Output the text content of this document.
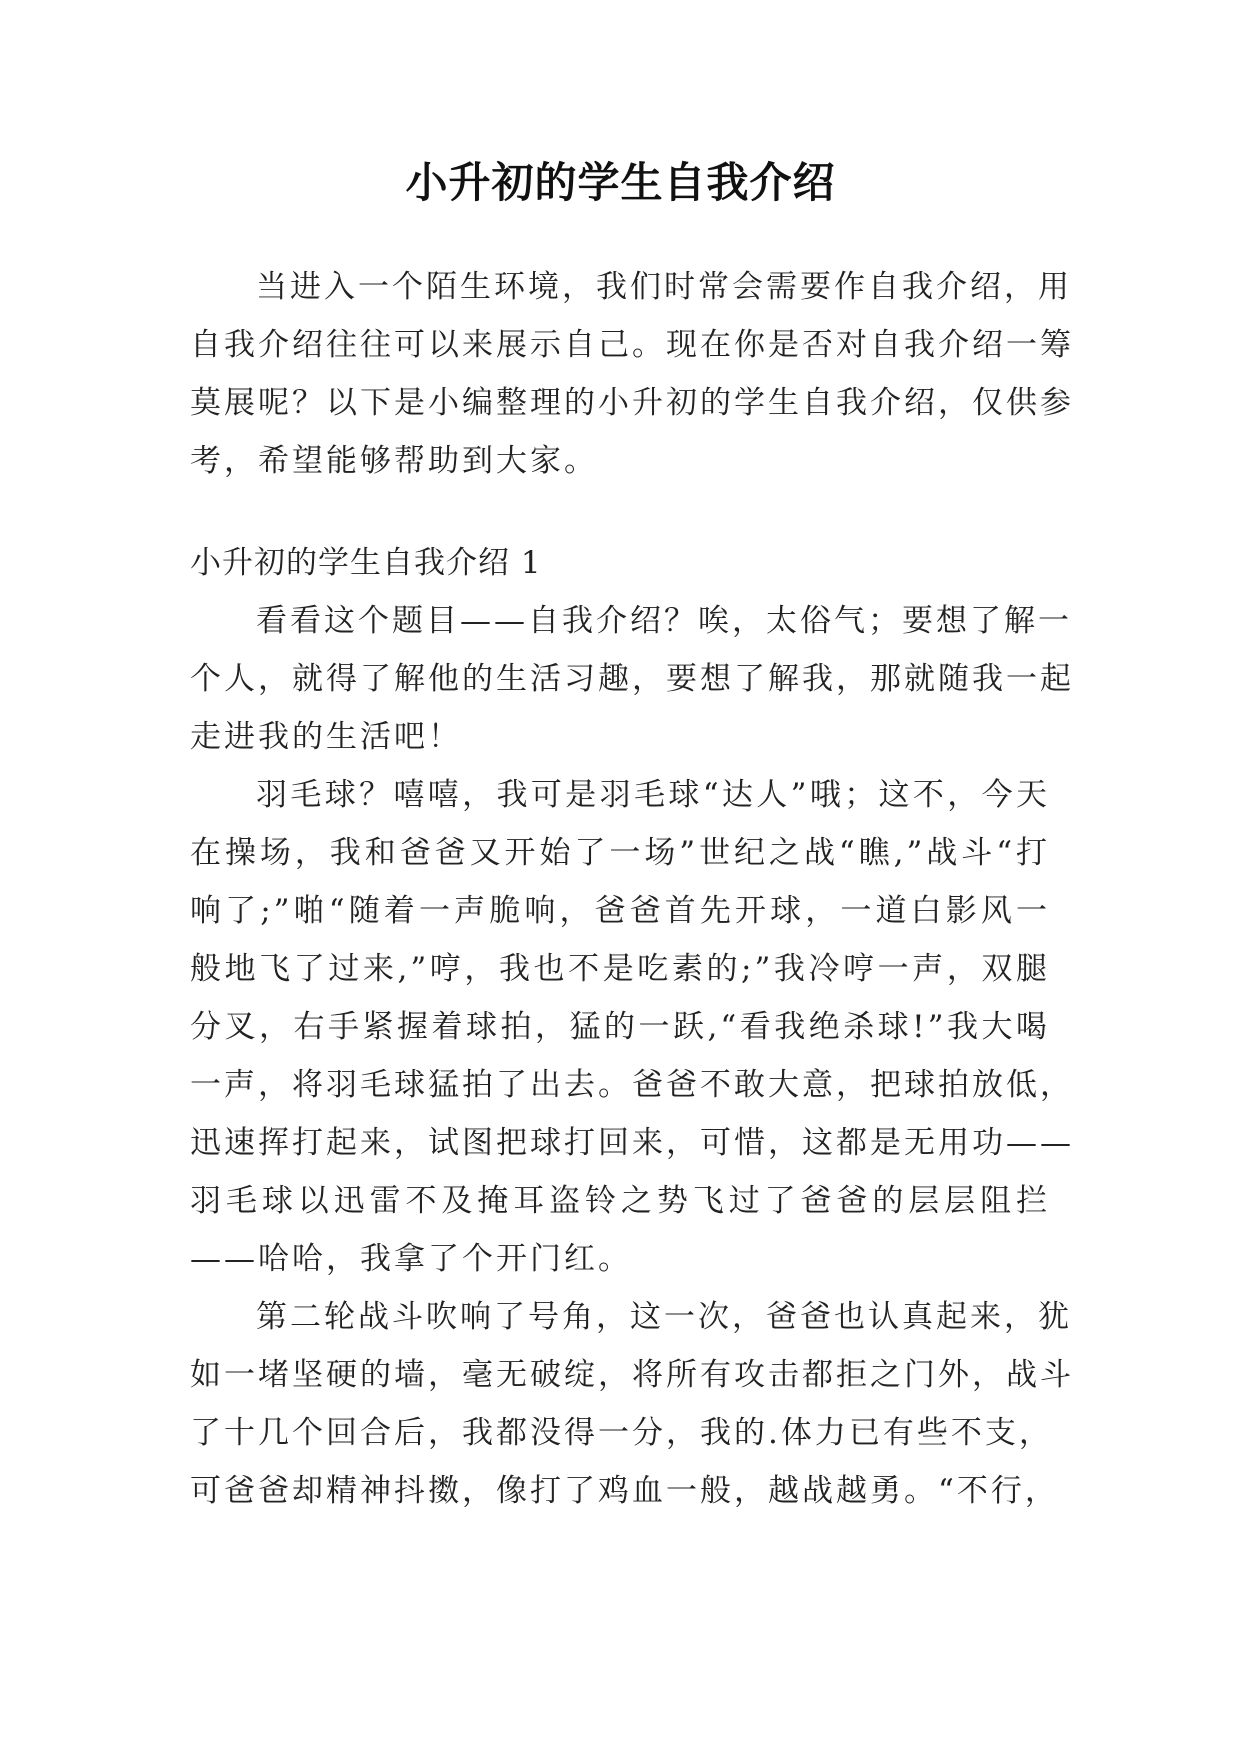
小升初的学生自我介绍
当进入一个陌生环境，我们时常会需要作自我介绍，用
自我介绍往往可以来展示自己。现在你是否对自我介绍一筹
莫展呢？以下是小编整理的小升初的学生自我介绍，仅供参
考，希望能够帮助到大家。
小升初的学生自我介绍 1
看看这个题目——自我介绍？唉，太俗气；要想了解一
个人，就得了解他的生活习趣，要想了解我，那就随我一起
走进我的生活吧！
羽毛球？嘻嘻，我可是羽毛球“达人”哦；这不，今天
在操场，我和爸爸又开始了一场”世纪之战“瞧,”战斗“打
响了;”啪“随着一声脆响，爸爸首先开球，一道白影风一
般地飞了过来,”哼，我也不是吃素的;”我冷哼一声，双腿
分叉，右手紧握着球拍，猛的一跃,“看我绝杀球!”我大喝
一声，将羽毛球猛拍了出去。爸爸不敢大意，把球拍放低，
迅速挥打起来，试图把球打回来，可惜，这都是无用功——
羽毛球以迅雷不及掩耳盗铃之势飞过了爸爸的层层阻拦
——哈哈，我拿了个开门红。
第二轮战斗吹响了号角，这一次，爸爸也认真起来，犹
如一堵坚硬的墙，毫无破绽，将所有攻击都拒之门外，战斗
了十几个回合后，我都没得一分，我的.体力已有些不支，
可爸爸却精神抖擞，像打了鸡血一般，越战越勇。“不行，
